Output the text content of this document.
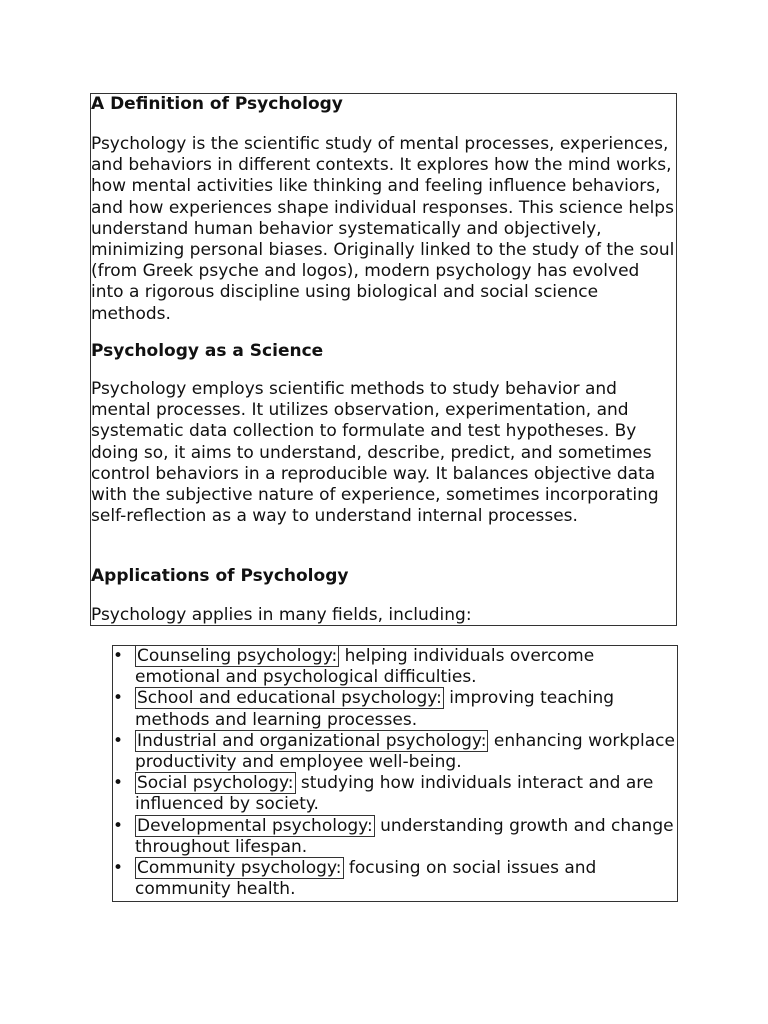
A Definition of Psychology

Psychology is the scientific study of mental processes, experiences, and behaviors in different contexts. It explores how the mind works, how mental activities like thinking and feeling influence behaviors, and how experiences shape individual responses. This science helps understand human behavior systematically and objectively, minimizing personal biases. Originally linked to the study of the soul (from Greek psyche and logos), modern psychology has evolved into a rigorous discipline using biological and social science methods.

Psychology as a Science

Psychology employs scientific methods to study behavior and mental processes. It utilizes observation, experimentation, and systematic data collection to formulate and test hypotheses. By doing so, it aims to understand, describe, predict, and sometimes control behaviors in a reproducible way. It balances objective data with the subjective nature of experience, sometimes incorporating self-reflection as a way to understand internal processes.

Applications of Psychology

Psychology applies in many fields, including:

• Counseling psychology: helping individuals overcome emotional and psychological difficulties.
• School and educational psychology: improving teaching methods and learning processes.
• Industrial and organizational psychology: enhancing workplace productivity and employee well-being.
• Social psychology: studying how individuals interact and are influenced by society.
• Developmental psychology: understanding growth and change throughout lifespan.
• Community psychology: focusing on social issues and community health.
